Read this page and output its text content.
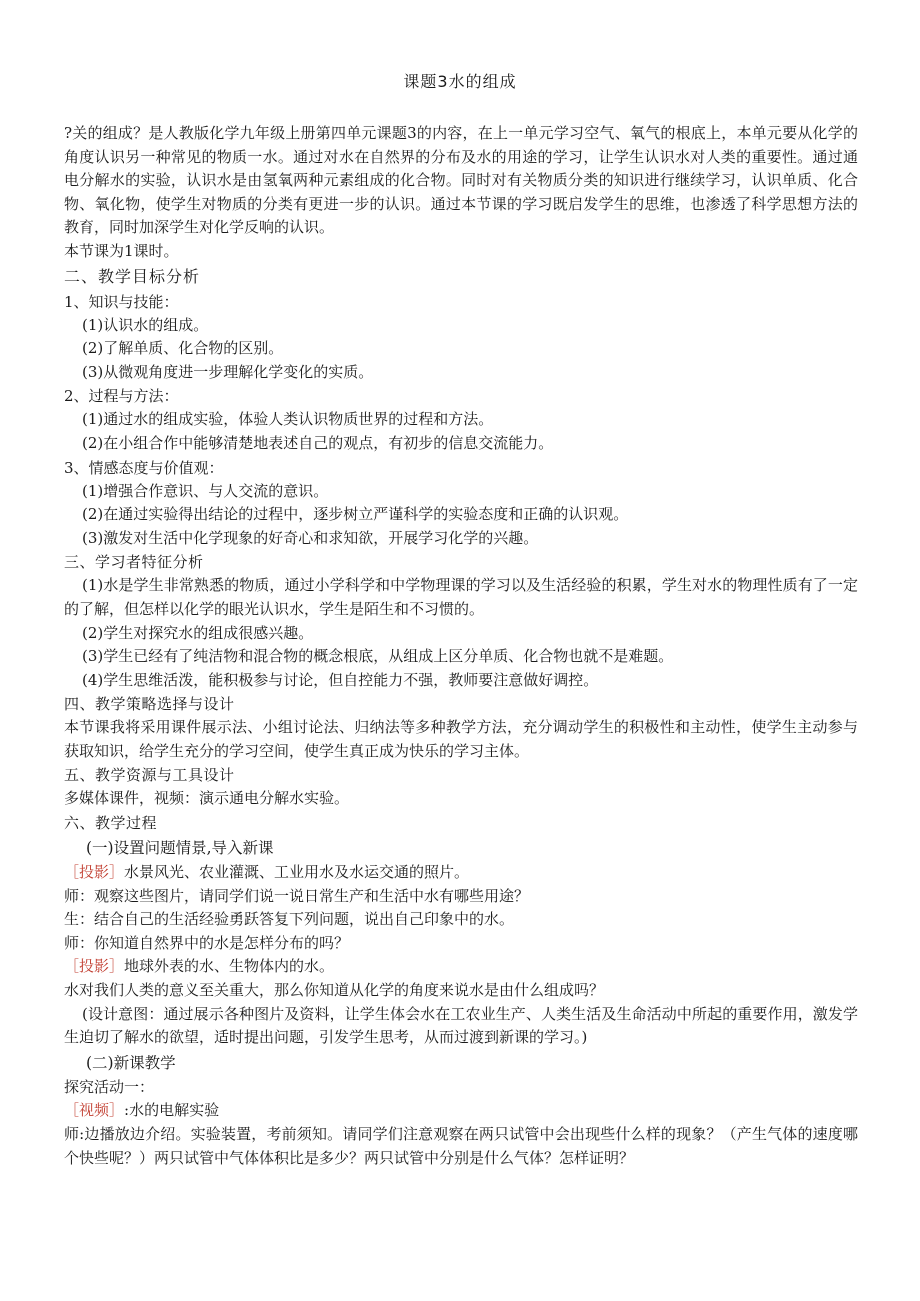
课题3水的组成

?关的组成？是人教版化学九年级上册第四单元课题3的内容，在上一单元学习空气、氧气的根底上，本单元要从化学的角度认识另一种常见的物质一水。通过对水在自然界的分布及水的用途的学习，让学生认识水对人类的重要性。通过通电分解水的实验，认识水是由氢氧两种元素组成的化合物。同时对有关物质分类的知识进行继续学习，认识单质、化合物、氧化物，使学生对物质的分类有更进一步的认识。通过本节课的学习既启发学生的思维，也渗透了科学思想方法的教育，同时加深学生对化学反响的认识。

本节课为1课时。

二、教学目标分析

1、知识与技能：

(1)认识水的组成。

(2)了解单质、化合物的区别。

(3)从微观角度进一步理解化学变化的实质。

2、过程与方法：

(1)通过水的组成实验，体验人类认识物质世界的过程和方法。

(2)在小组合作中能够清楚地表述自己的观点，有初步的信息交流能力。

3、情感态度与价值观：

(1)增强合作意识、与人交流的意识。

(2)在通过实验得出结论的过程中，逐步树立严谨科学的实验态度和正确的认识观。

(3)激发对生活中化学现象的好奇心和求知欲，开展学习化学的兴趣。

三、学习者特征分析

(1)水是学生非常熟悉的物质，通过小学科学和中学物理课的学习以及生活经验的积累，学生对水的物理性质有了一定的了解，但怎样以化学的眼光认识水，学生是陌生和不习惯的。

(2)学生对探究水的组成很感兴趣。

(3)学生已经有了纯洁物和混合物的概念根底，从组成上区分单质、化合物也就不是难题。

(4)学生思维活泼，能积极参与讨论，但自控能力不强，教师要注意做好调控。

四、教学策略选择与设计

本节课我将采用课件展示法、小组讨论法、归纳法等多种教学方法，充分调动学生的积极性和主动性，使学生主动参与获取知识，给学生充分的学习空间，使学生真正成为快乐的学习主体。

五、教学资源与工具设计

多媒体课件，视频：演示通电分解水实验。

六、教学过程

(一)设置问题情景,导入新课

［投影］水景风光、农业灌溉、工业用水及水运交通的照片。

师：观察这些图片，请同学们说一说日常生产和生活中水有哪些用途？

生：结合自己的生活经验勇跃答复下列问题，说出自己印象中的水。

师：你知道自然界中的水是怎样分布的吗？

［投影］地球外表的水、生物体内的水。

水对我们人类的意义至关重大，那么你知道从化学的角度来说水是由什么组成吗？

(设计意图：通过展示各种图片及资料，让学生体会水在工农业生产、人类生活及生命活动中所起的重要作用，激发学生迫切了解水的欲望，适时提出问题，引发学生思考，从而过渡到新课的学习。)

(二)新课教学

探究活动一：

［视频］:水的电解实验

师:边播放边介绍。实验装置，考前须知。请同学们注意观察在两只试管中会出现些什么样的现象？（产生气体的速度哪个快些呢？）两只试管中气体体积比是多少？两只试管中分别是什么气体？怎样证明？
